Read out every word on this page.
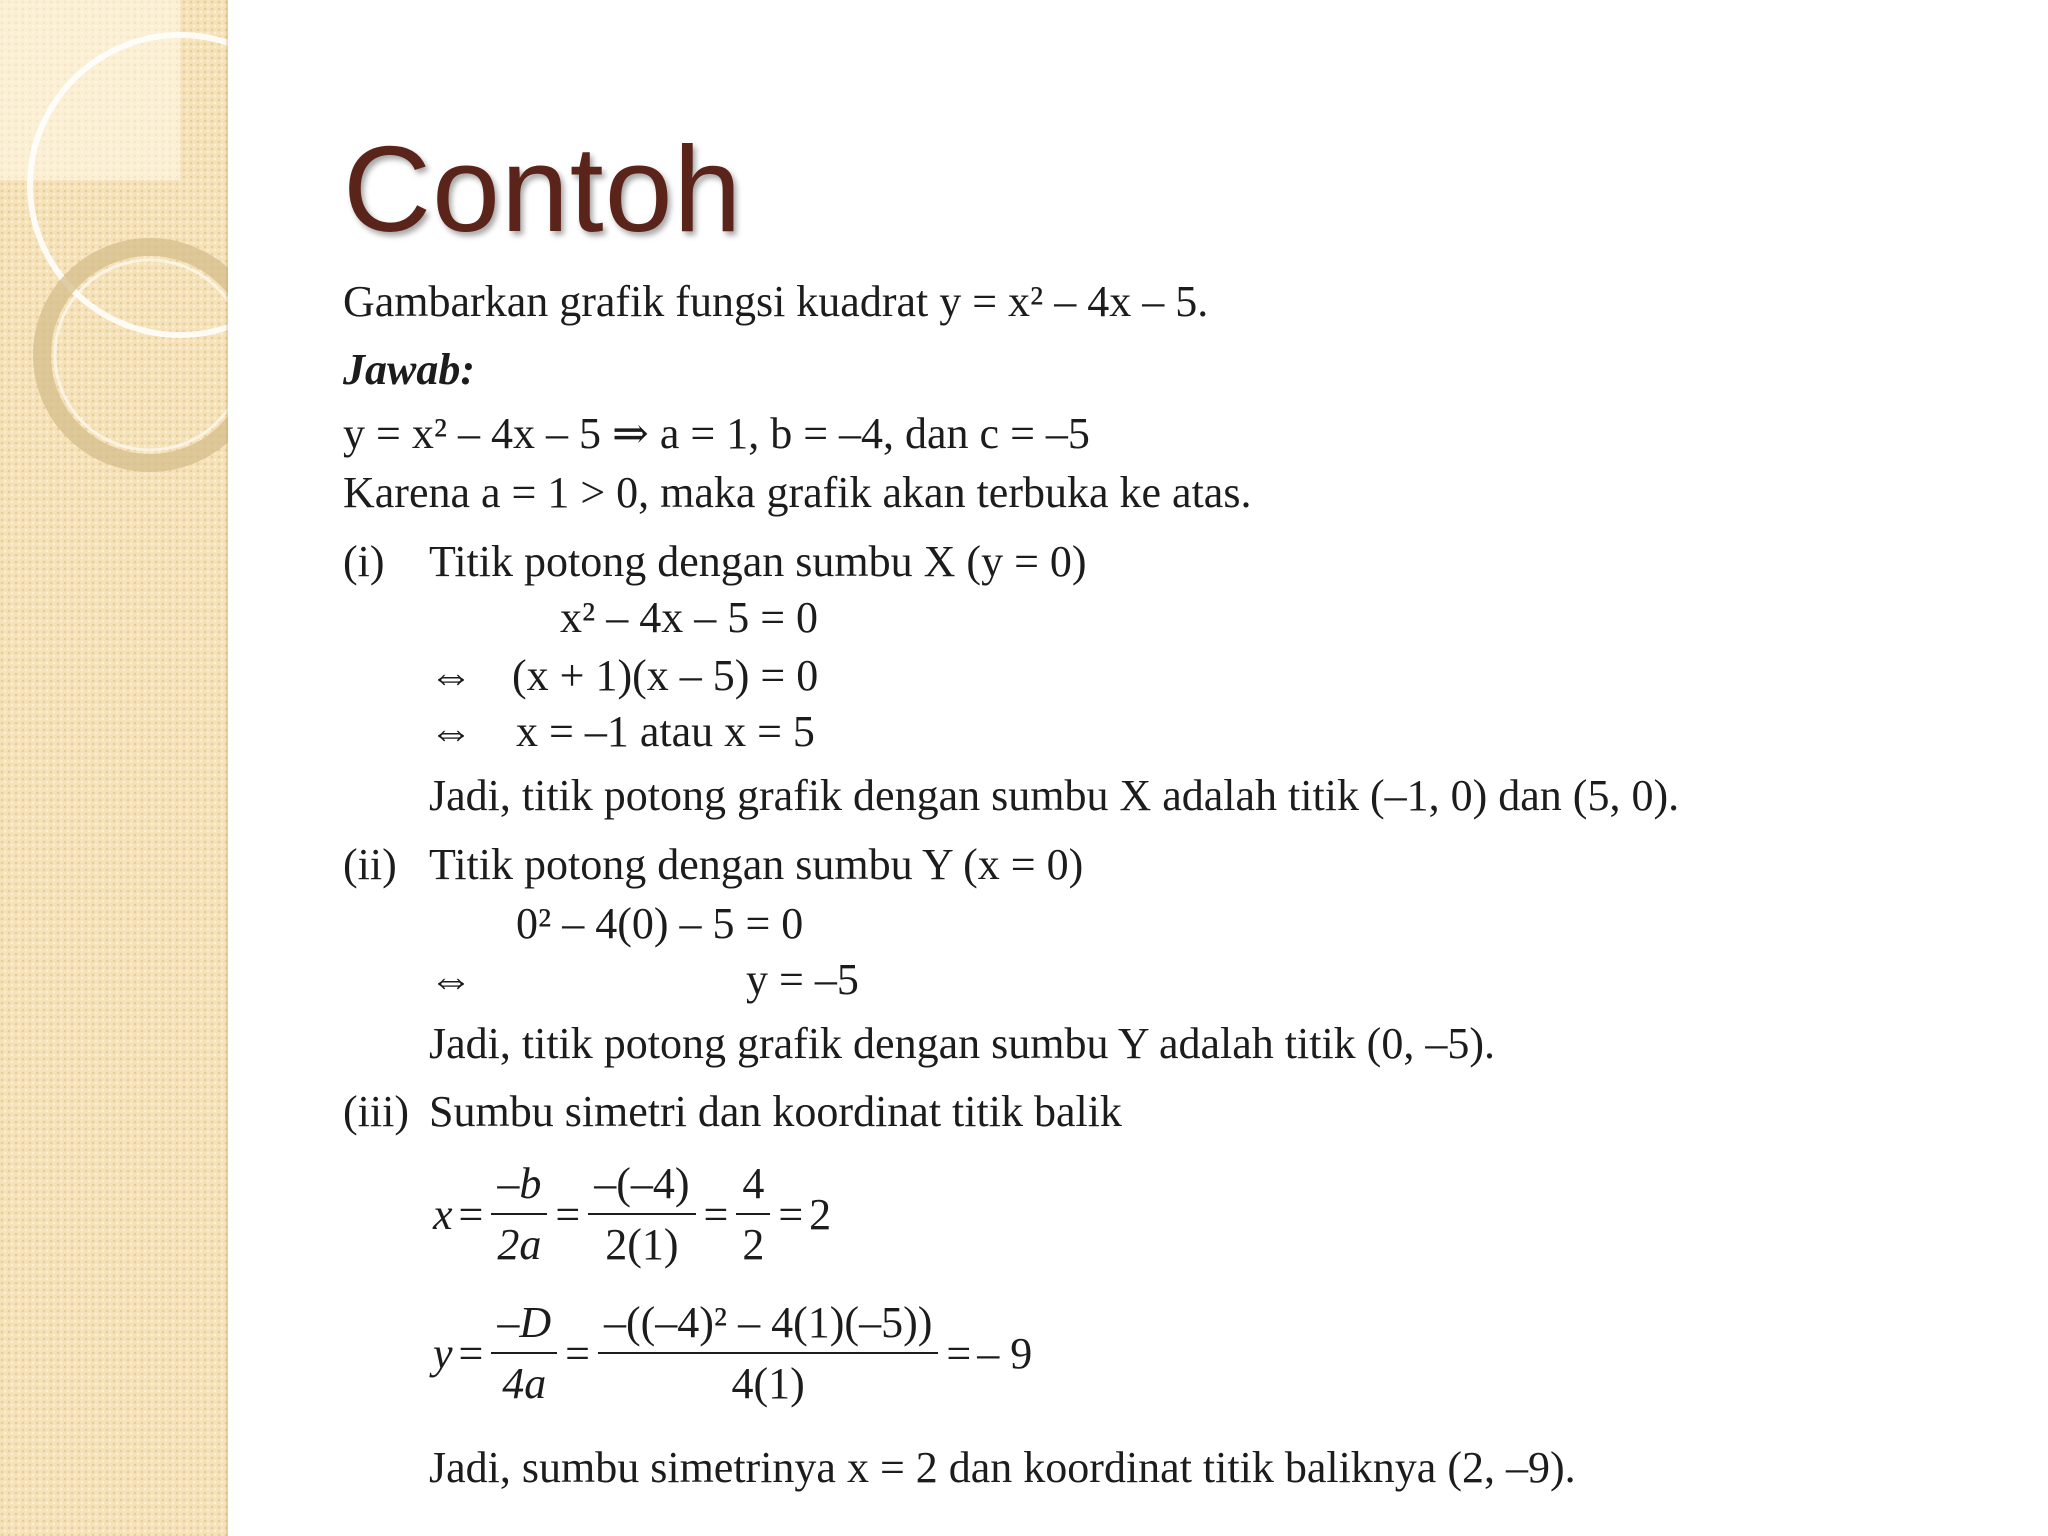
Contoh
Gambarkan grafik fungsi kuadrat y = x² – 4x – 5.
Jawab:
y = x² – 4x – 5 ⇒ a = 1, b = –4, dan c = –5
Karena a = 1 > 0, maka grafik akan terbuka ke atas.
(i) Titik potong dengan sumbu X (y = 0)
x² – 4x – 5 = 0
⇔ (x + 1)(x – 5) = 0
⇔ x = –1 atau x = 5
Jadi, titik potong grafik dengan sumbu X adalah titik (–1, 0) dan (5, 0).
(ii) Titik potong dengan sumbu Y (x = 0)
0² – 4(0) – 5 = 0
⇔	y = –5
Jadi, titik potong grafik dengan sumbu Y adalah titik (0, –5).
(iii) Sumbu simetri dan koordinat titik balik
$x = \frac{-b}{2a} = \frac{-(-4)}{2(1)} = \frac{4}{2} = 2$
$y = \frac{-D}{4a} = \frac{\text{–((–4)² – 4(1)(–5))}}{4(1)}$ = – 9
Jadi, sumbu simetrinya x = 2 dan koordinat titik baliknya (2, –9).
